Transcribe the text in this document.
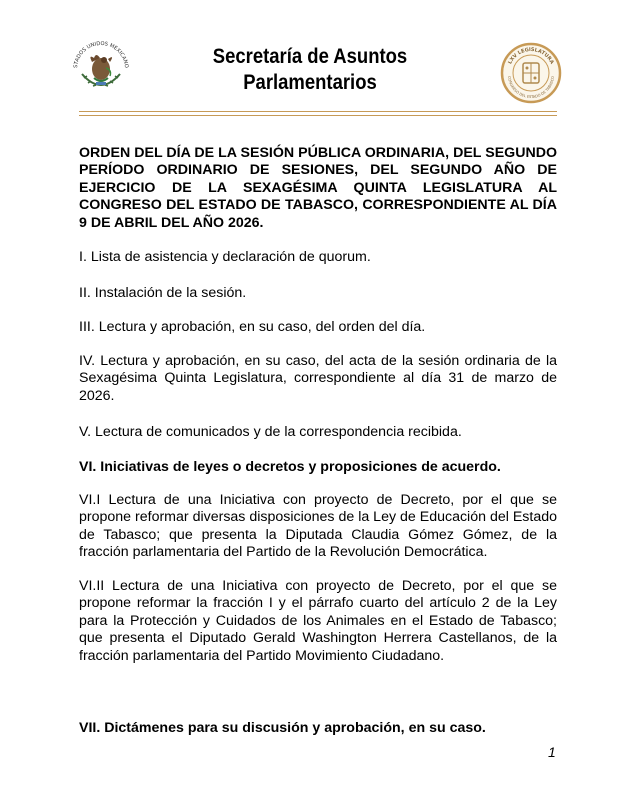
STADOS UNIDOS MEXICANO	Secretaría de Asuntos
Parlamentarios
LXV LEGISLATURA
CONGRESO DEL ESTADO DE TABASCO
ORDEN DEL DÍA DE LA SESIÓN PÚBLICA ORDINARIA, DEL SEGUNDO PERÍODO ORDINARIO DE SESIONES, DEL SEGUNDO AÑO DE EJERCICIO DE LA SEXAGÉSIMA QUINTA LEGISLATURA AL CONGRESO DEL ESTADO DE TABASCO, CORRESPONDIENTE AL DÍA 9 DE ABRIL DEL AÑO 2026.
I. Lista de asistencia y declaración de quorum.
II. Instalación de la sesión.
III. Lectura y aprobación, en su caso, del orden del día.
IV. Lectura y aprobación, en su caso, del acta de la sesión ordinaria de la Sexagésima Quinta Legislatura, correspondiente al día 31 de marzo de 2026.
V. Lectura de comunicados y de la correspondencia recibida.
VI. Iniciativas de leyes o decretos y proposiciones de acuerdo.
VI.I Lectura de una Iniciativa con proyecto de Decreto, por el que se propone reformar diversas disposiciones de la Ley de Educación del Estado de Tabasco; que presenta la Diputada Claudia Gómez Gómez, de la fracción parlamentaria del Partido de la Revolución Democrática.
VI.II Lectura de una Iniciativa con proyecto de Decreto, por el que se propone reformar la fracción I y el párrafo cuarto del artículo 2 de la Ley para la Protección y Cuidados de los Animales en el Estado de Tabasco; que presenta el Diputado Gerald Washington Herrera Castellanos, de la fracción parlamentaria del Partido Movimiento Ciudadano.
VII. Dictámenes para su discusión y aprobación, en su caso.
1
